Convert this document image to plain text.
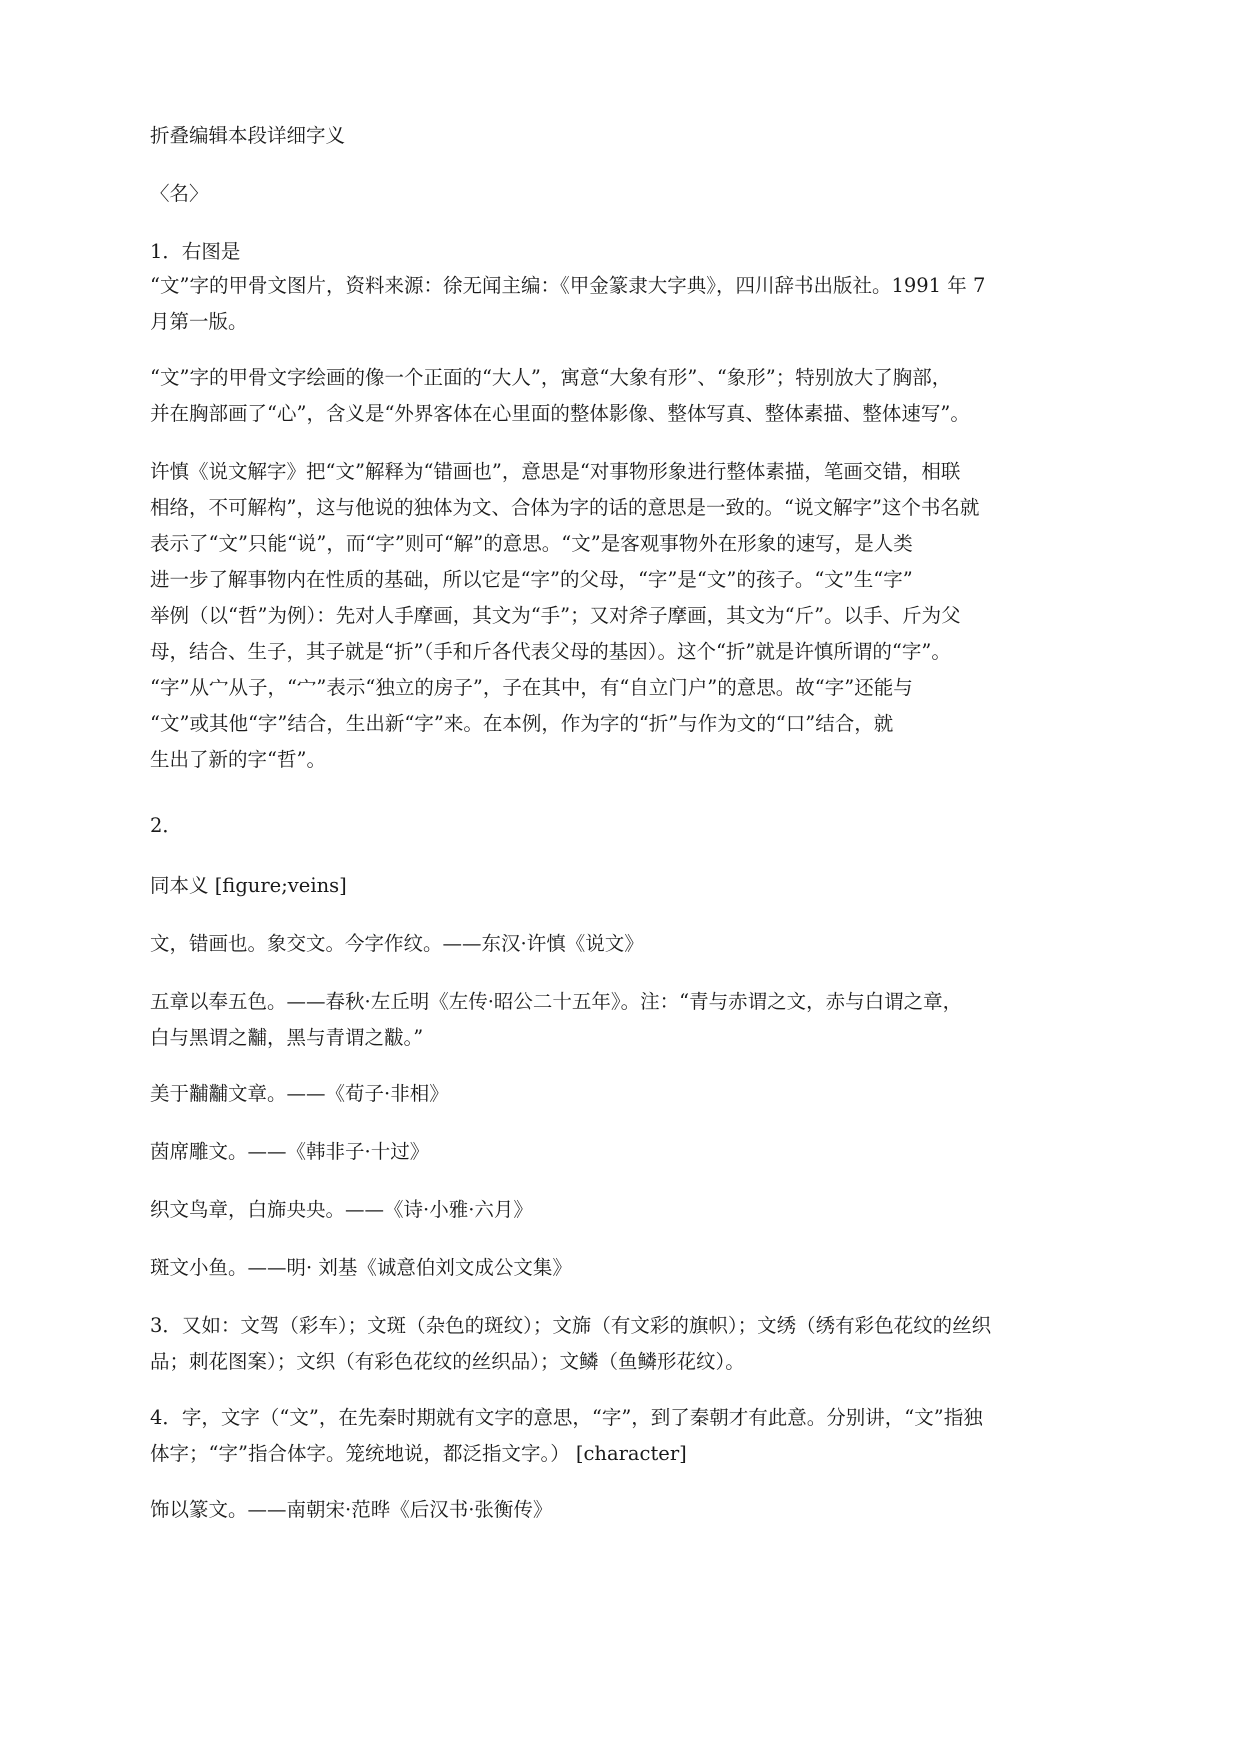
折叠编辑本段详细字义

〈名〉

1．右图是

“文”字的甲骨文图片，资料来源：徐无闻主编：《甲金篆隶大字典》，四川辞书出版社。1991 年 7
月第一版。

“文”字的甲骨文字绘画的像一个正面的“大人”，寓意“大象有形”、“象形”；特别放大了胸部，
并在胸部画了“心”，含义是“外界客体在心里面的整体影像、整体写真、整体素描、整体速写”。

许慎《说文解字》把“文”解释为“错画也”，意思是“对事物形象进行整体素描，笔画交错，相联
相络，不可解构”，这与他说的独体为文、合体为字的话的意思是一致的。“说文解字”这个书名就
表示了“文”只能“说”，而“字”则可“解”的意思。“文”是客观事物外在形象的速写，是人类
进一步了解事物内在性质的基础，所以它是“字”的父母，“字”是“文”的孩子。“文”生“字”
举例（以“哲”为例）：先对人手摩画，其文为“手”；又对斧子摩画，其文为“斤”。以手、斤为父
母，结合、生子，其子就是“折”（手和斤各代表父母的基因）。这个“折”就是许慎所谓的“字”。
“字”从宀从子，“宀”表示“独立的房子”，子在其中，有“自立门户”的意思。故“字”还能与
“文”或其他“字”结合，生出新“字”来。在本例，作为字的“折”与作为文的“口”结合，就
生出了新的字“哲”。

2．

同本义 [figure;veins]

文，错画也。象交文。今字作纹。——东汉·许慎《说文》

五章以奉五色。——春秋·左丘明《左传·昭公二十五年》。注：“青与赤谓之文，赤与白谓之章，
白与黑谓之黼，黑与青谓之黻。”

美于黼黼文章。——《荀子·非相》

茵席雕文。——《韩非子·十过》

织文鸟章，白旆央央。——《诗·小雅·六月》

斑文小鱼。——明· 刘基《诚意伯刘文成公文集》

3．又如：文驾（彩车）；文斑（杂色的斑纹）；文旆（有文彩的旗帜）；文绣（绣有彩色花纹的丝织
品；刺花图案）；文织（有彩色花纹的丝织品）；文鳞（鱼鳞形花纹）。

4．字，文字（“文”，在先秦时期就有文字的意思，“字”，到了秦朝才有此意。分别讲，“文”指独
体字；“字”指合体字。笼统地说，都泛指文字。） [character]

饰以篆文。——南朝宋·范晔《后汉书·张衡传》
